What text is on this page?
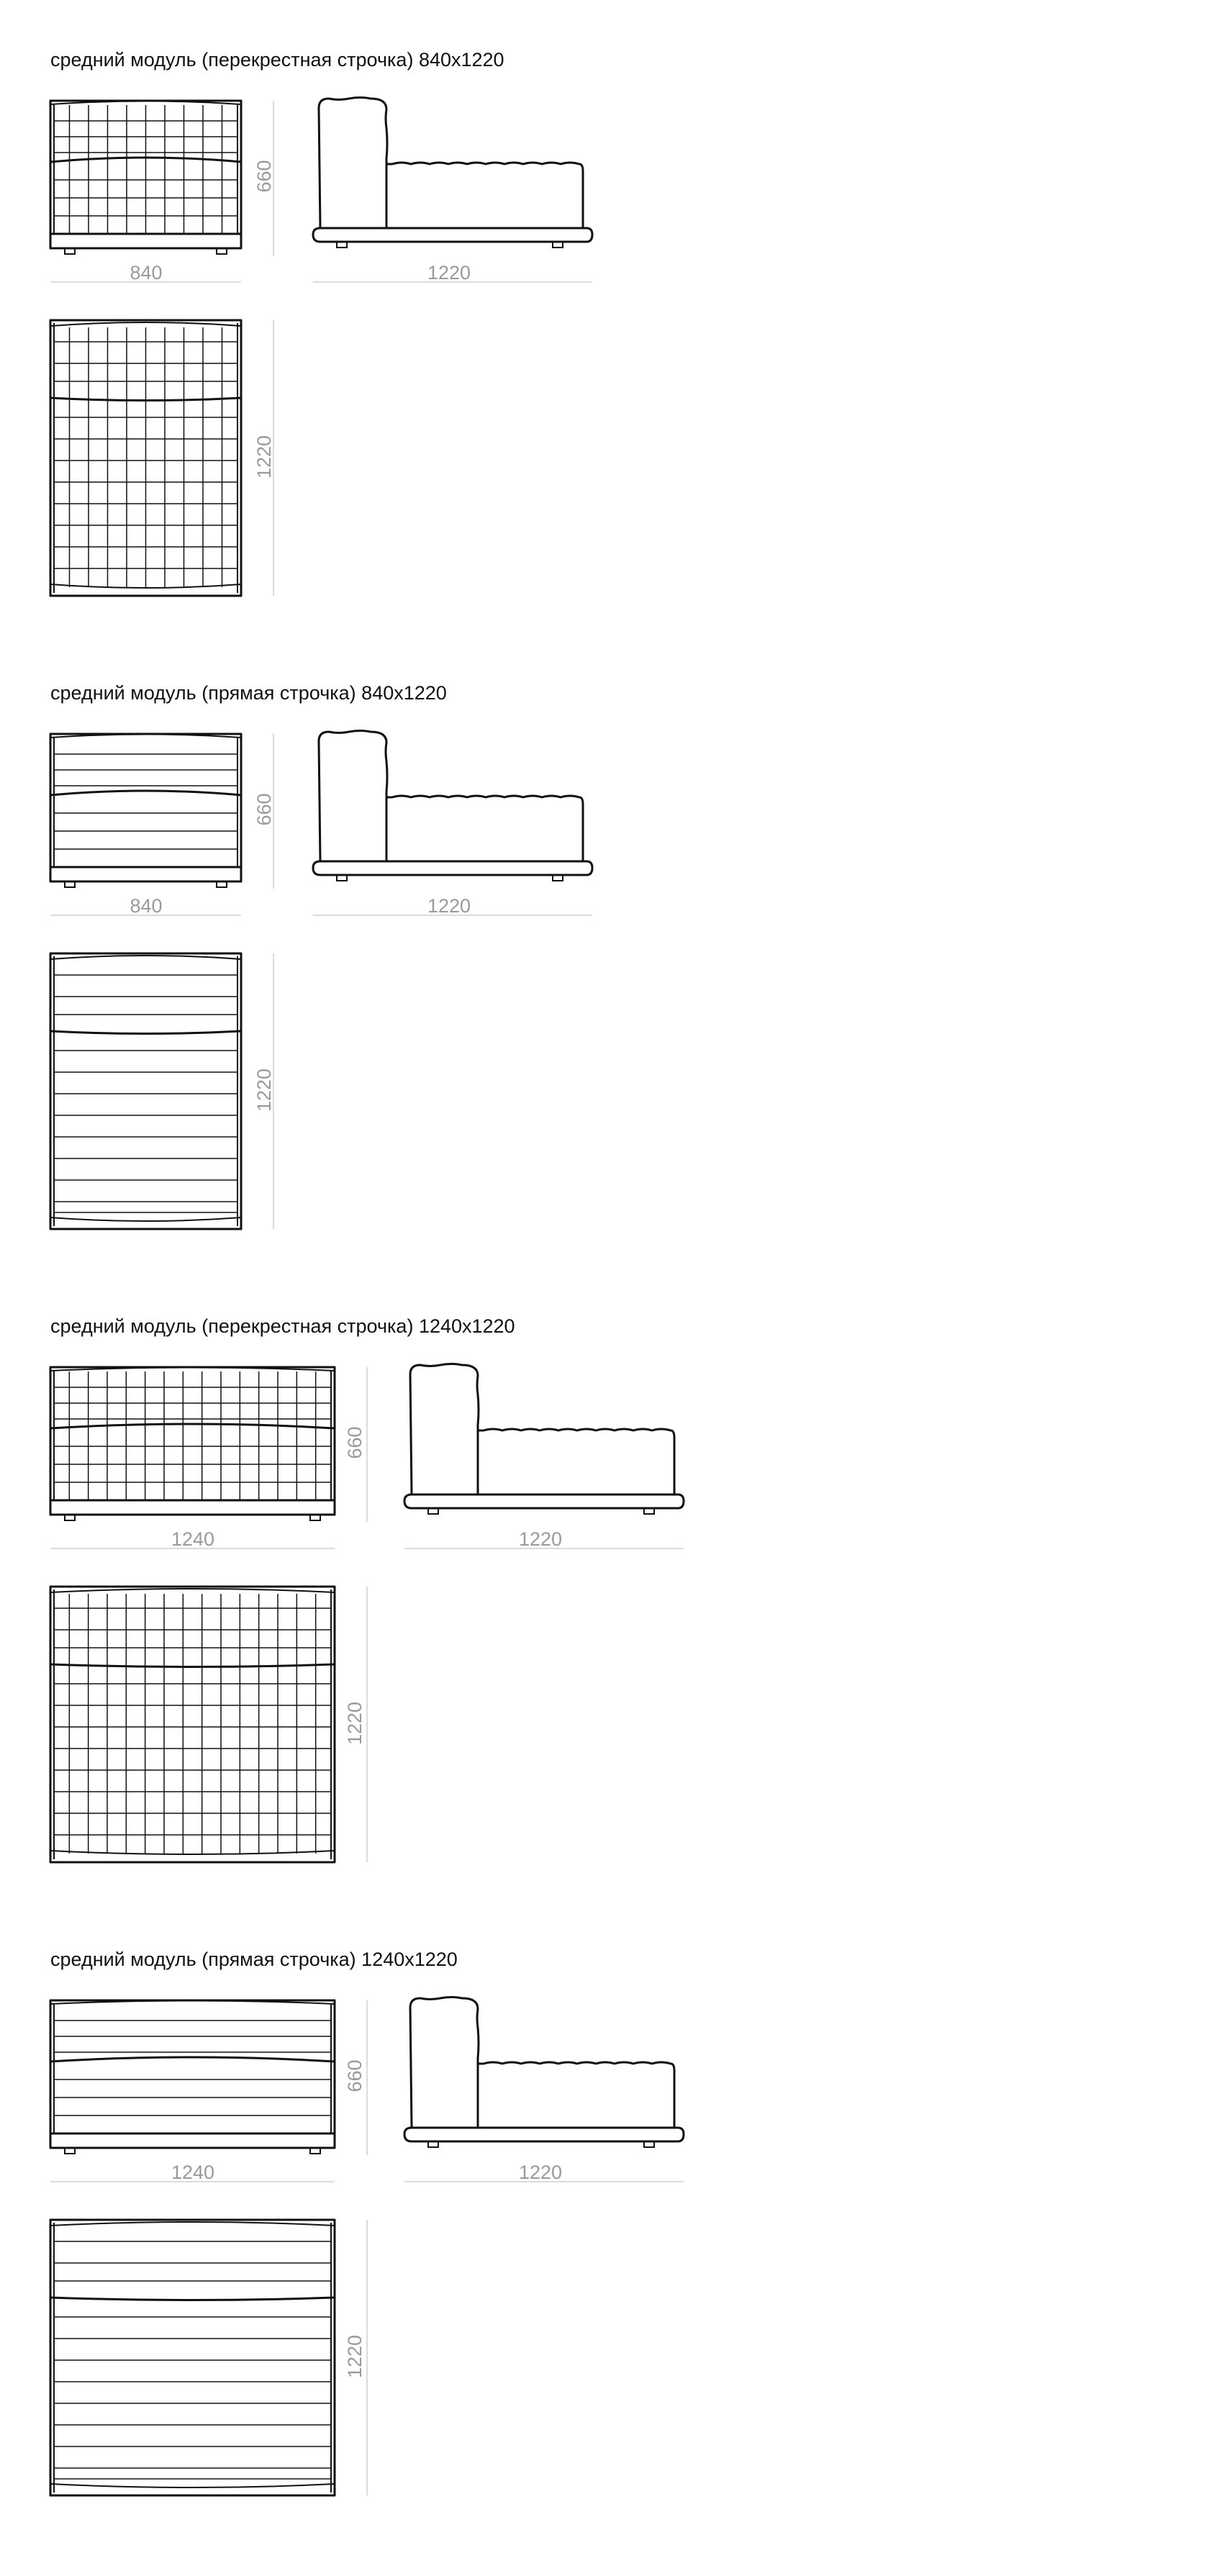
средний модуль (перекрестная строчка) 840x1220
840
660
1220
1220
средний модуль (прямая строчка) 840x1220
840
660
1220
1220
средний модуль (перекрестная строчка) 1240x1220
1240
660
1220
1220
средний модуль (прямая строчка) 1240x1220
1240
660
1220
1220
